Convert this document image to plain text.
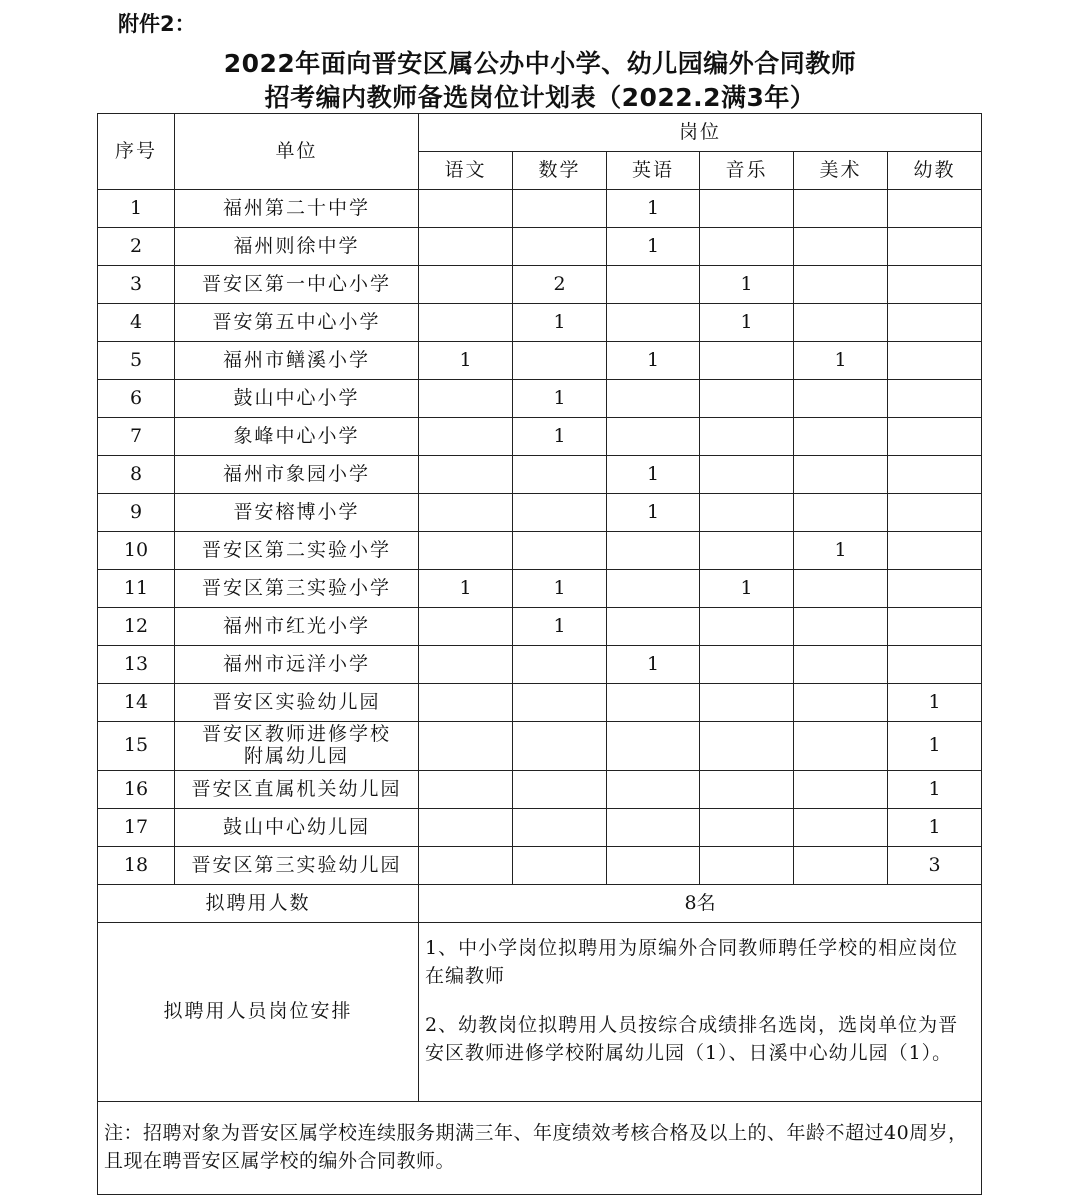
附件2：
2022年面向晋安区属公办中小学、幼儿园编外合同教师
招考编内教师备选岗位计划表（2022.2满3年）
序号	单位	岗位					
		语文	数学	英语	音乐	美术	幼教
1	福州第二十中学			1			
2	福州则徐中学			1			
3	晋安区第一中心小学		2		1		
4	晋安第五中心小学		1		1		
5	福州市鳝溪小学	1		1		1	
6	鼓山中心小学		1				
7	象峰中心小学		1				
8	福州市象园小学			1			
9	晋安榕博小学			1			
10	晋安区第二实验小学					1	
11	晋安区第三实验小学	1	1		1		
12	福州市红光小学		1				
13	福州市远洋小学			1			
14	晋安区实验幼儿园						1
15	晋安区教师进修学校
附属幼儿园						1
16	晋安区直属机关幼儿园						1
17	鼓山中心幼儿园						1
18	晋安区第三实验幼儿园						3
拟聘用人数		8名					
拟聘用人员岗位安排		1、中小学岗位拟聘用为原编外合同教师聘任学校的相应岗位在编教师

2、幼教岗位拟聘用人员按综合成绩排名选岗，选岗单位为晋安区教师进修学校附属幼儿园（1）、日溪中心幼儿园（1）。					

注：招聘对象为晋安区属学校连续服务期满三年、年度绩效考核合格及以上的、年龄不超过40周岁，且现在聘晋安区属学校的编外合同教师。							
